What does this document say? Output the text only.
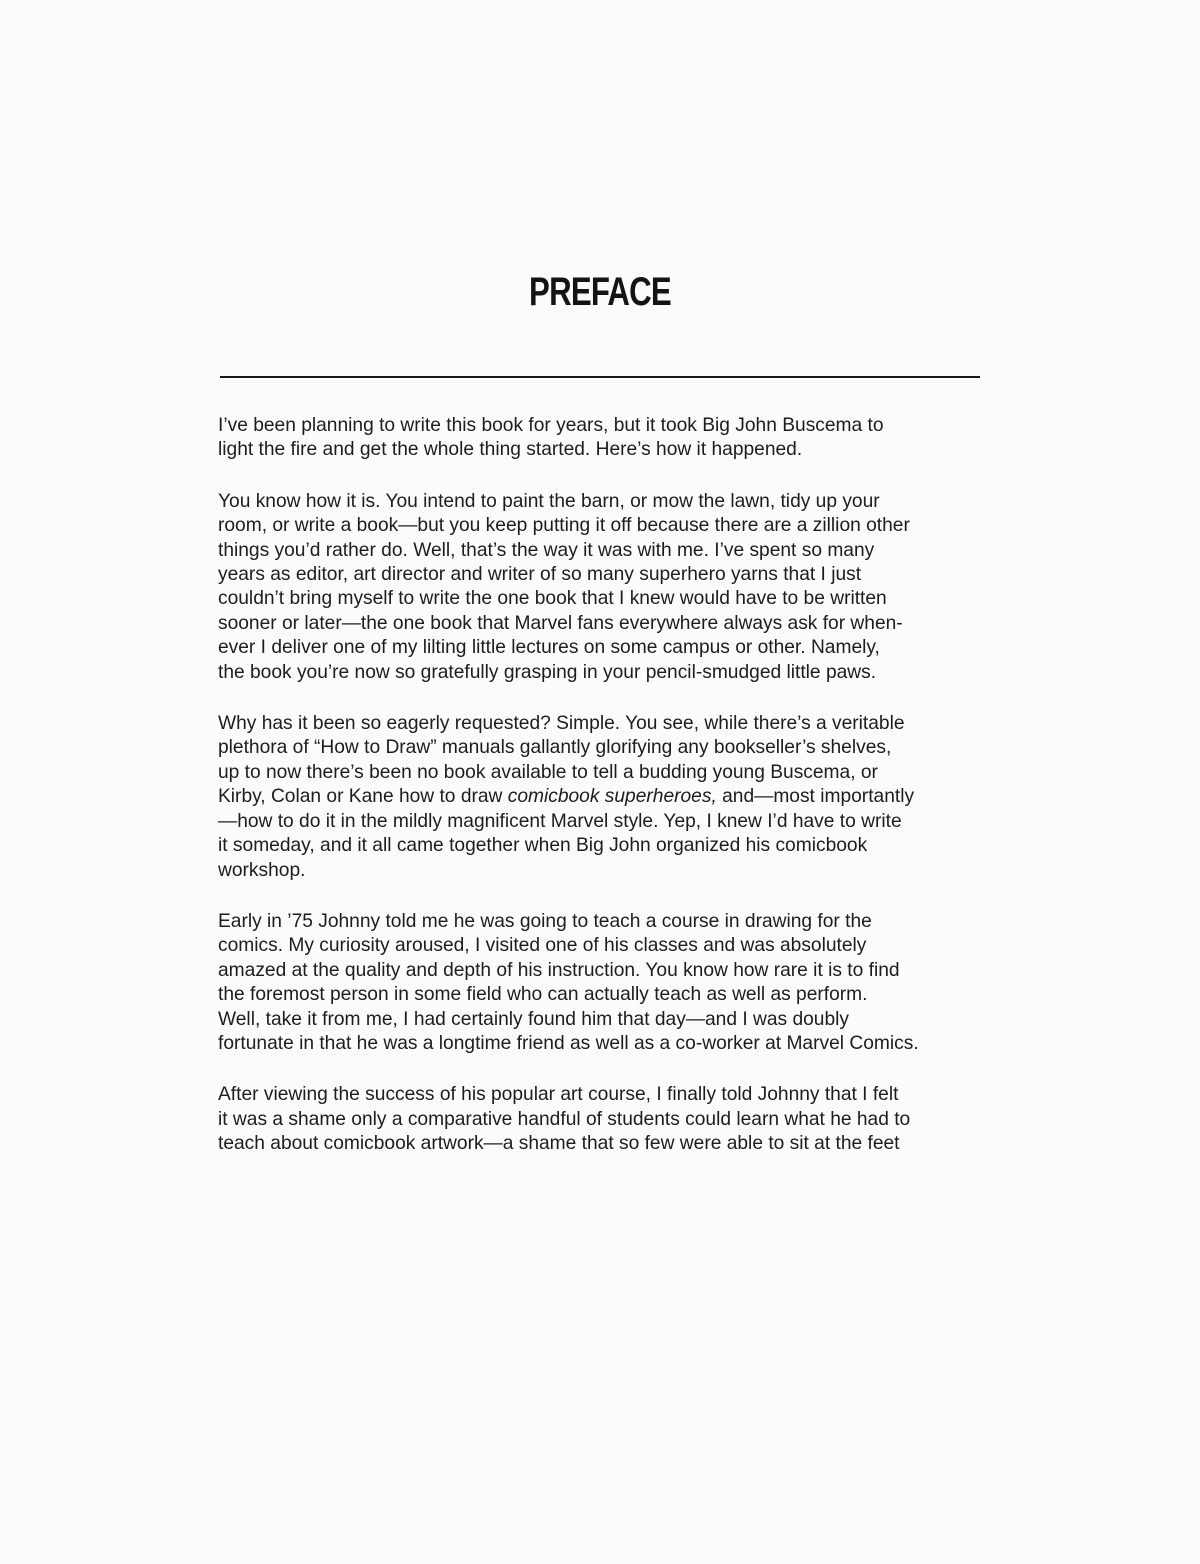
PREFACE

I’ve been planning to write this book for years, but it took Big John Buscema to
light the fire and get the whole thing started. Here’s how it happened.

You know how it is. You intend to paint the barn, or mow the lawn, tidy up your
room, or write a book—but you keep putting it off because there are a zillion other
things you’d rather do. Well, that’s the way it was with me. I’ve spent so many
years as editor, art director and writer of so many superhero yarns that I just
couldn’t bring myself to write the one book that I knew would have to be written
sooner or later—the one book that Marvel fans everywhere always ask for when-
ever I deliver one of my lilting little lectures on some campus or other. Namely,
the book you’re now so gratefully grasping in your pencil-smudged little paws.

Why has it been so eagerly requested? Simple. You see, while there’s a veritable
plethora of “How to Draw” manuals gallantly glorifying any bookseller’s shelves,
up to now there’s been no book available to tell a budding young Buscema, or
Kirby, Colan or Kane how to draw comicbook superheroes, and—most importantly
—how to do it in the mildly magnificent Marvel style. Yep, I knew I’d have to write
it someday, and it all came together when Big John organized his comicbook
workshop.

Early in ’75 Johnny told me he was going to teach a course in drawing for the
comics. My curiosity aroused, I visited one of his classes and was absolutely
amazed at the quality and depth of his instruction. You know how rare it is to find
the foremost person in some field who can actually teach as well as perform.
Well, take it from me, I had certainly found him that day—and I was doubly
fortunate in that he was a longtime friend as well as a co-worker at Marvel Comics.

After viewing the success of his popular art course, I finally told Johnny that I felt
it was a shame only a comparative handful of students could learn what he had to
teach about comicbook artwork—a shame that so few were able to sit at the feet
